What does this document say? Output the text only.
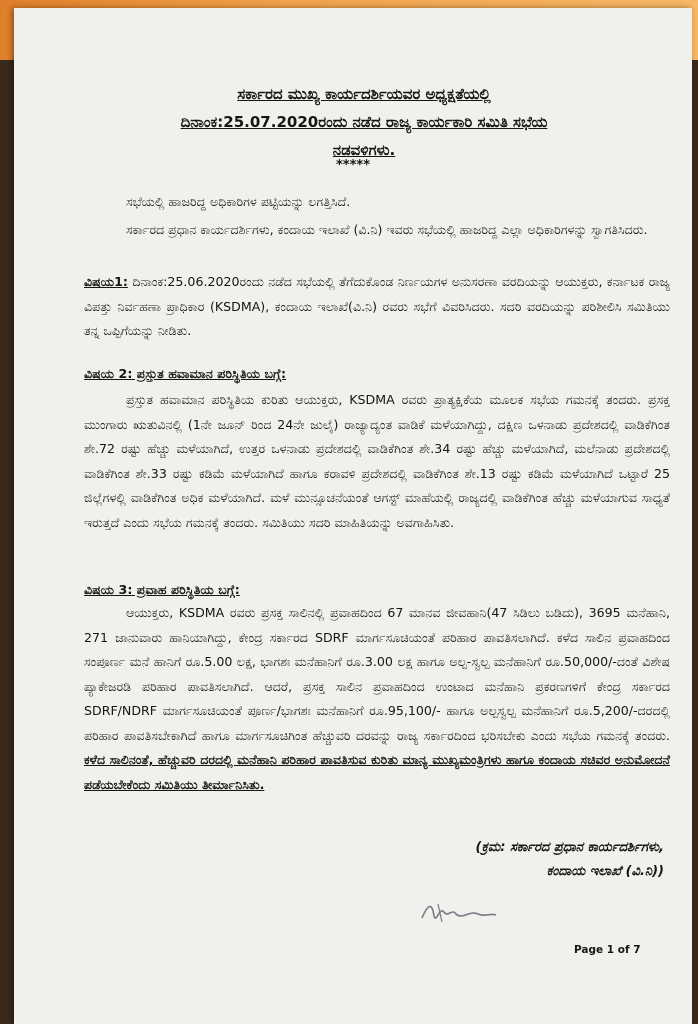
ಸರ್ಕಾರದ ಮುಖ್ಯ ಕಾರ್ಯದರ್ಶಿಯವರ ಅಧ್ಯಕ್ಷತೆಯಲ್ಲಿ
ದಿನಾಂಕ:25.07.2020ರಂದು ನಡೆದ ರಾಜ್ಯ ಕಾರ್ಯಕಾರಿ ಸಮಿತಿ ಸಭೆಯ
ನಡವಳಿಗಳು.
*****
ಸಭೆಯಲ್ಲಿ ಹಾಜರಿದ್ದ ಅಧಿಕಾರಿಗಳ ಪಟ್ಟಿಯನ್ನು ಲಗತ್ತಿಸಿದೆ.
ಸರ್ಕಾರದ ಪ್ರಧಾನ ಕಾರ್ಯದರ್ಶಿಗಳು, ಕಂದಾಯ ಇಲಾಖೆ (ವಿ.ನಿ) ಇವರು ಸಭೆಯಲ್ಲಿ ಹಾಜರಿದ್ದ ಎಲ್ಲಾ ಅಧಿಕಾರಿಗಳನ್ನು ಸ್ವಾಗತಿಸಿದರು.
ವಿಷಯ1: ದಿನಾಂಕ:25.06.2020ರಂದು ನಡೆದ ಸಭೆಯಲ್ಲಿ ತೆಗೆದುಕೊಂಡ ನಿರ್ಣಯಗಳ ಅನುಸರಣಾ ವರದಿಯನ್ನು ಆಯುಕ್ತರು, ಕರ್ನಾಟಕ ರಾಜ್ಯ ವಿಪತ್ತು ನಿರ್ವಹಣಾ ಪ್ರಾಧಿಕಾರ (KSDMA), ಕಂದಾಯ ಇಲಾಖೆ(ವಿ.ನಿ) ರವರು ಸಭೆಗೆ ವಿವರಿಸಿದರು. ಸದರಿ ವರದಿಯನ್ನು ಪರಿಶೀಲಿಸಿ ಸಮಿತಿಯು ತನ್ನ ಒಪ್ಪಿಗೆಯನ್ನು ನೀಡಿತು.
ವಿಷಯ 2: ಪ್ರಸ್ತುತ ಹವಾಮಾನ ಪರಿಸ್ಥಿತಿಯ ಬಗ್ಗೆ:
ಪ್ರಸ್ತುತ ಹವಾಮಾನ ಪರಿಸ್ಥಿತಿಯ ಕುರಿತು ಆಯುಕ್ತರು, KSDMA ರವರು ಪ್ರಾತ್ಯಕ್ಷಿಕೆಯ ಮೂಲಕ ಸಭೆಯ ಗಮನಕ್ಕೆ ತಂದರು. ಪ್ರಸಕ್ತ ಮುಂಗಾರು ಋತುವಿನಲ್ಲಿ (1ನೇ ಜೂನ್ ರಿಂದ 24ನೇ ಜುಲೈ) ರಾಜ್ಯಾದ್ಯಂತ ವಾಡಿಕೆ ಮಳೆಯಾಗಿದ್ದು, ದಕ್ಷಿಣ ಒಳನಾಡು ಪ್ರದೇಶದಲ್ಲಿ ವಾಡಿಕೆಗಿಂತ ಶೇ.72 ರಷ್ಟು ಹೆಚ್ಚು ಮಳೆಯಾಗಿದೆ, ಉತ್ತರ ಒಳನಾಡು ಪ್ರದೇಶದಲ್ಲಿ ವಾಡಿಕೆಗಿಂತ ಶೇ.34 ರಷ್ಟು ಹೆಚ್ಚು ಮಳೆಯಾಗಿದೆ, ಮಲೆನಾಡು ಪ್ರದೇಶದಲ್ಲಿ ವಾಡಿಕೆಗಿಂತ ಶೇ.33 ರಷ್ಟು ಕಡಿಮೆ ಮಳೆಯಾಗಿದೆ ಹಾಗೂ ಕರಾವಳಿ ಪ್ರದೇಶದಲ್ಲಿ ವಾಡಿಕೆಗಿಂತ ಶೇ.13 ರಷ್ಟು ಕಡಿಮೆ ಮಳೆಯಾಗಿದೆ ಒಟ್ಟಾರೆ 25 ಜಿಲ್ಲೆಗಳಲ್ಲಿ ವಾಡಿಕೆಗಿಂತ ಅಧಿಕ ಮಳೆಯಾಗಿದೆ. ಮಳೆ ಮುನ್ಸೂಚನೆಯಂತೆ ಆಗಸ್ಟ್ ಮಾಹೆಯಲ್ಲಿ ರಾಜ್ಯದಲ್ಲಿ ವಾಡಿಕೆಗಿಂತ ಹೆಚ್ಚು ಮಳೆಯಾಗುವ ಸಾಧ್ಯತೆ ಇರುತ್ತದೆ ಎಂದು ಸಭೆಯ ಗಮನಕ್ಕೆ ತಂದರು. ಸಮಿತಿಯು ಸದರಿ ಮಾಹಿತಿಯನ್ನು ಅವಗಾಹಿಸಿತು.
ವಿಷಯ 3: ಪ್ರವಾಹ ಪರಿಸ್ಥಿತಿಯ ಬಗ್ಗೆ:
ಆಯುಕ್ತರು, KSDMA ರವರು ಪ್ರಸಕ್ತ ಸಾಲಿನಲ್ಲಿ ಪ್ರವಾಹದಿಂದ 67 ಮಾನವ ಜೀವಹಾನಿ(47 ಸಿಡಿಲು ಬಡಿದು), 3695 ಮನೆಹಾನಿ, 271 ಜಾನುವಾರು ಹಾನಿಯಾಗಿದ್ದು, ಕೇಂದ್ರ ಸರ್ಕಾರದ SDRF ಮಾರ್ಗಸೂಚಿಯಂತೆ ಪರಿಹಾರ ಪಾವತಿಸಲಾಗಿದೆ. ಕಳೆದ ಸಾಲಿನ ಪ್ರವಾಹದಿಂದ ಸಂಪೂರ್ಣ ಮನೆ ಹಾನಿಗೆ ರೂ.5.00 ಲಕ್ಷ, ಭಾಗಶಃ ಮನೆಹಾನಿಗೆ ರೂ.3.00 ಲಕ್ಷ ಹಾಗೂ ಅಲ್ಪ-ಸ್ವಲ್ಪ ಮನೆಹಾನಿಗೆ ರೂ.50,000/-ದಂತೆ ವಿಶೇಷ ಪ್ಯಾಕೇಜರಡಿ ಪರಿಹಾರ ಪಾವತಿಸಲಾಗಿದೆ. ಆದರೆ, ಪ್ರಸಕ್ತ ಸಾಲಿನ ಪ್ರವಾಹದಿಂದ ಉಂಟಾದ ಮನೆಹಾನಿ ಪ್ರಕರಣಗಳಿಗೆ ಕೇಂದ್ರ ಸರ್ಕಾರದ SDRF/NDRF ಮಾರ್ಗಸೂಚಿಯಂತೆ ಪೂರ್ಣ/ಭಾಗಶಃ ಮನೆಹಾನಿಗೆ ರೂ.95,100/- ಹಾಗೂ ಅಲ್ಪಸ್ವಲ್ಪ ಮನೆಹಾನಿಗೆ ರೂ.5,200/-ದರದಲ್ಲಿ ಪರಿಹಾರ ಪಾವತಿಸಬೇಕಾಗಿದೆ ಹಾಗೂ ಮಾರ್ಗಸೂಚಿಗಿಂತ ಹೆಚ್ಚುವರಿ ದರವನ್ನು ರಾಜ್ಯ ಸರ್ಕಾರದಿಂದ ಭರಿಸಬೇಕು ಎಂದು ಸಭೆಯ ಗಮನಕ್ಕೆ ತಂದರು. ಕಳೆದ ಸಾಲಿನಂತೆ, ಹೆಚ್ಚುವರಿ ದರದಲ್ಲಿ ಮನೆಹಾನಿ ಪರಿಹಾರ ಪಾವತಿಸುವ ಕುರಿತು ಮಾನ್ಯ ಮುಖ್ಯಮಂತ್ರಿಗಳು ಹಾಗೂ ಕಂದಾಯ ಸಚಿವರ ಅನುಮೋದನೆ ಪಡೆಯಬೇಕೆಂದು ಸಮಿತಿಯು ತೀರ್ಮಾನಿಸಿತು.
(ಕ್ರಮ: ಸರ್ಕಾರದ ಪ್ರಧಾನ ಕಾರ್ಯದರ್ಶಿಗಳು,
ಕಂದಾಯ ಇಲಾಖೆ (ವಿ.ನಿ))
Page 1 of 7
